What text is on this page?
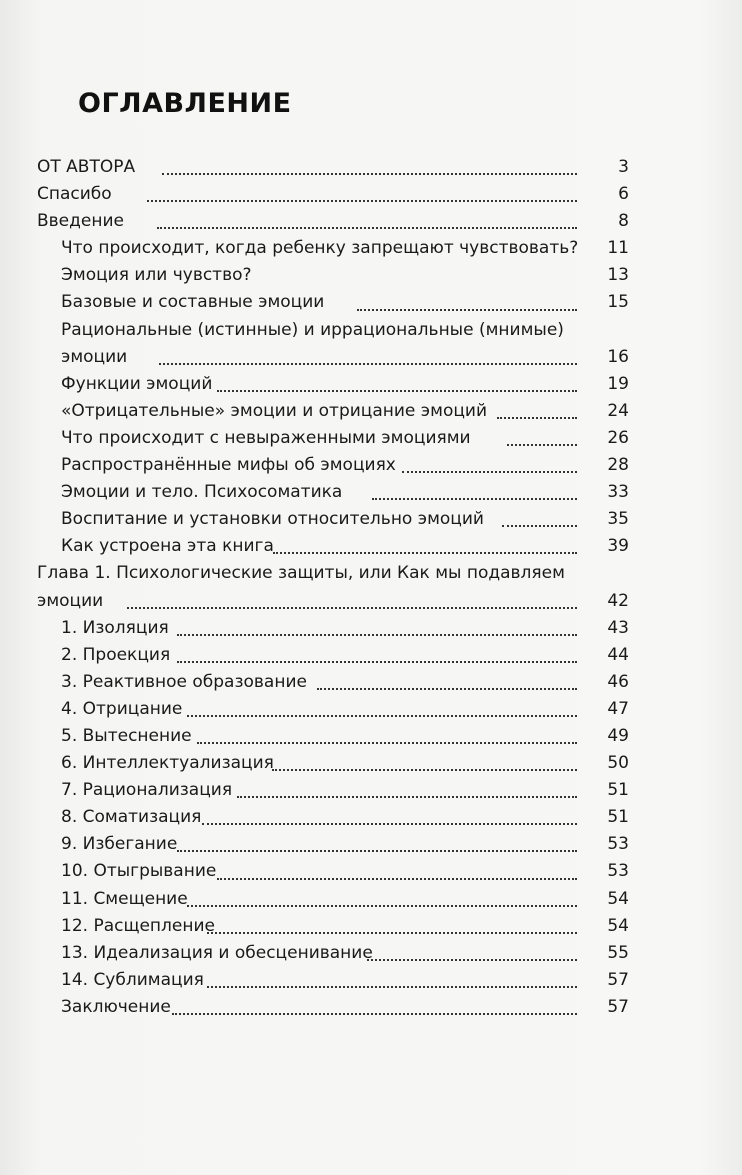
ОГЛАВЛЕНИЕ
ОТ АВТОРА	3
Спасибо	6
Введение	8
Что происходит, когда ребенку запрещают чувствовать? 11
Эмоция или чувство?	13
Базовые и составные эмоции	15
Рациональные (истинные) и иррациональные (мнимые) эмоции	16
Функции эмоций	19
«Отрицательные» эмоции и отрицание эмоций	24
Что происходит с невыраженными эмоциями	26
Распространённые мифы об эмоциях	28
Эмоции и тело. Психосоматика	33
Воспитание и установки относительно эмоций	35
Как устроена эта книга	39
Глава 1. Психологические защиты, или Как мы подавляем эмоции	42
1. Изоляция	43
2. Проекция	44
3. Реактивное образование	46
4. Отрицание	47
5. Вытеснение	49
6. Интеллектуализация	50
7. Рационализация	51
8. Соматизация	51
9. Избегание	53
10. Отыгрывание	53
11. Смещение	54
12. Расщепление	54
13. Идеализация и обесценивание	55
14. Сублимация	57
Заключение	57
